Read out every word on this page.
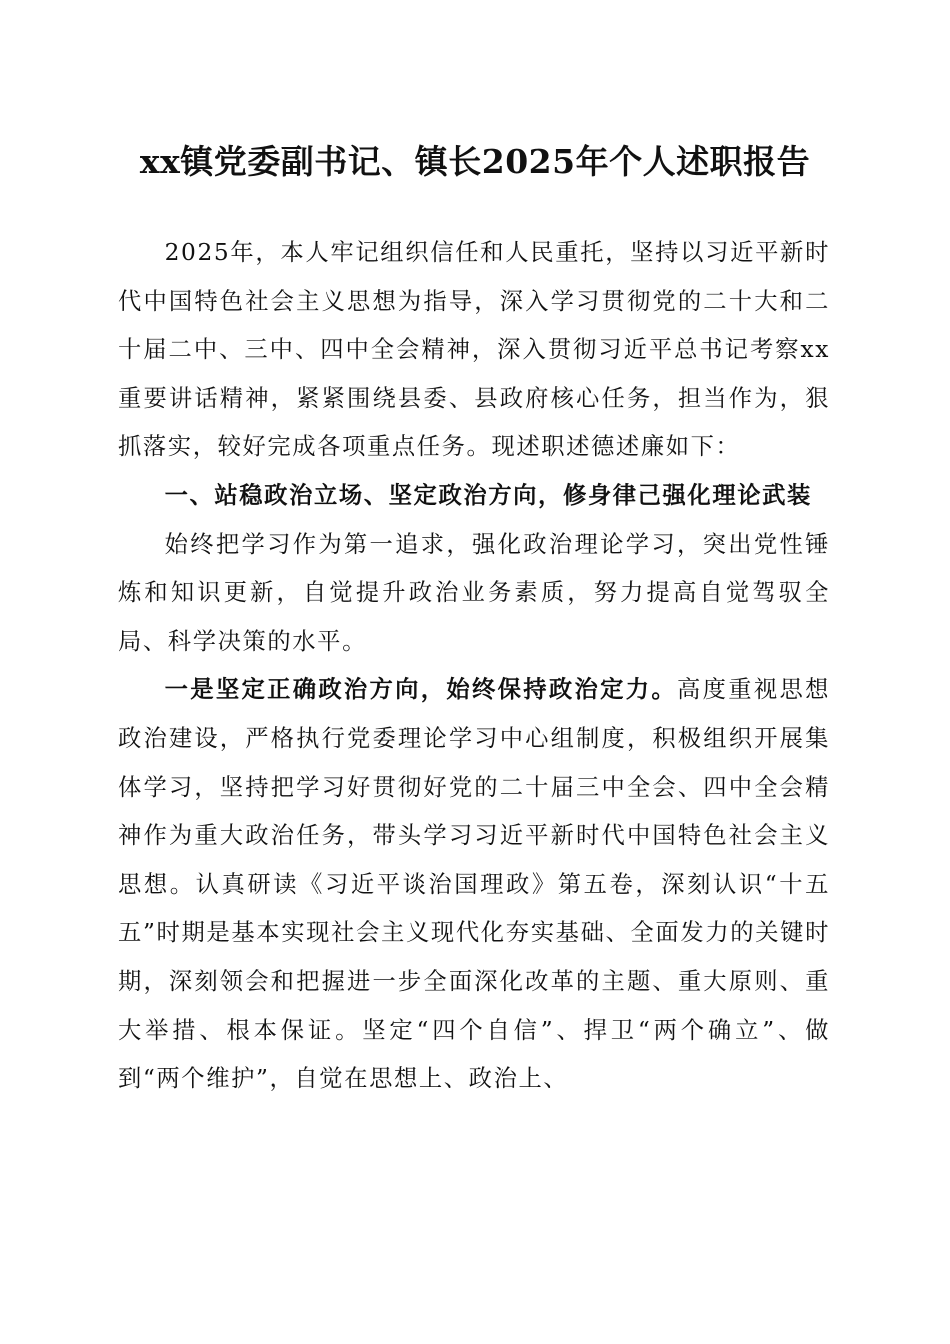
xx镇党委副书记、镇长2025年个人述职报告

2025年，本人牢记组织信任和人民重托，坚持以习近平新时代中国特色社会主义思想为指导，深入学习贯彻党的二十大和二十届二中、三中、四中全会精神，深入贯彻习近平总书记考察xx重要讲话精神，紧紧围绕县委、县政府核心任务，担当作为，狠抓落实，较好完成各项重点任务。现述职述德述廉如下：

一、站稳政治立场、坚定政治方向，修身律己强化理论武装

始终把学习作为第一追求，强化政治理论学习，突出党性锤炼和知识更新，自觉提升政治业务素质，努力提高自觉驾驭全局、科学决策的水平。

一是坚定正确政治方向，始终保持政治定力。高度重视思想政治建设，严格执行党委理论学习中心组制度，积极组织开展集体学习，坚持把学习好贯彻好党的二十届三中全会、四中全会精神作为重大政治任务，带头学习习近平新时代中国特色社会主义思想。认真研读《习近平谈治国理政》第五卷，深刻认识“十五五”时期是基本实现社会主义现代化夯实基础、全面发力的关键时期，深刻领会和把握进一步全面深化改革的主题、重大原则、重大举措、根本保证。坚定“四个自信”、捍卫“两个确立”、做到“两个维护”，自觉在思想上、政治上、
